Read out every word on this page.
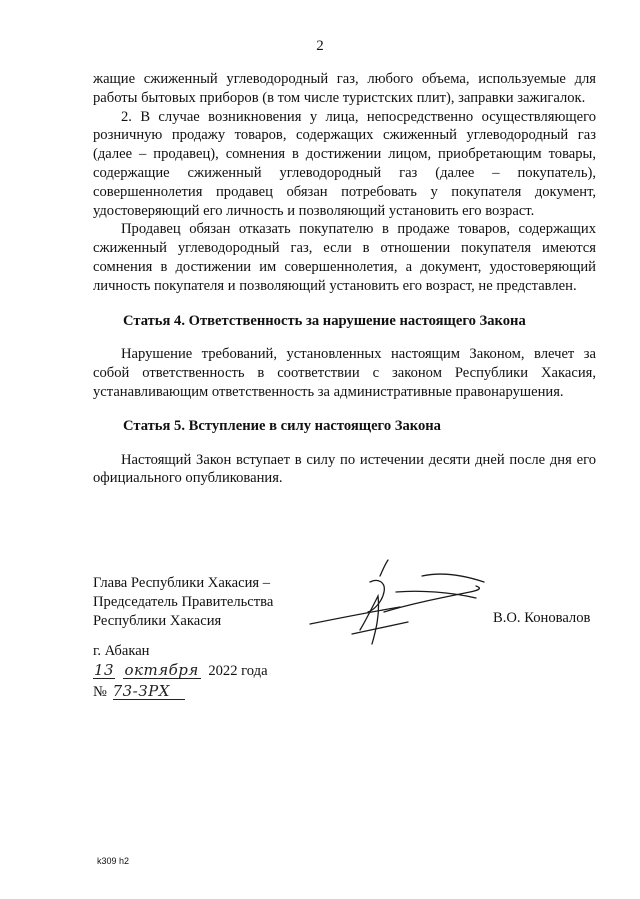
2

жащие сжиженный углеводородный газ, любого объема, используемые для работы бытовых приборов (в том числе туристских плит), заправки зажигалок.

2. В случае возникновения у лица, непосредственно осуществляющего розничную продажу товаров, содержащих сжиженный углеводородный газ (далее – продавец), сомнения в достижении лицом, приобретающим товары, содержащие сжиженный углеводородный газ (далее – покупатель), совершеннолетия продавец обязан потребовать у покупателя документ, удостоверяющий его личность и позволяющий установить его возраст.

Продавец обязан отказать покупателю в продаже товаров, содержащих сжиженный углеводородный газ, если в отношении покупателя имеются сомнения в достижении им совершеннолетия, а документ, удостоверяющий личность покупателя и позволяющий установить его возраст, не представлен.

Статья 4. Ответственность за нарушение настоящего Закона

Нарушение требований, установленных настоящим Законом, влечет за собой ответственность в соответствии с законом Республики Хакасия, устанавливающим ответственность за административные правонарушения.

Статья 5. Вступление в силу настоящего Закона

Настоящий Закон вступает в силу по истечении десяти дней после дня его официального опубликования.

Глава Республики Хакасия –
Председатель Правительства
Республики Хакасия	В.О. Коновалов
г. Абакан
13 октября 2022 года
№ 73-ЗРХ
k309 h2
